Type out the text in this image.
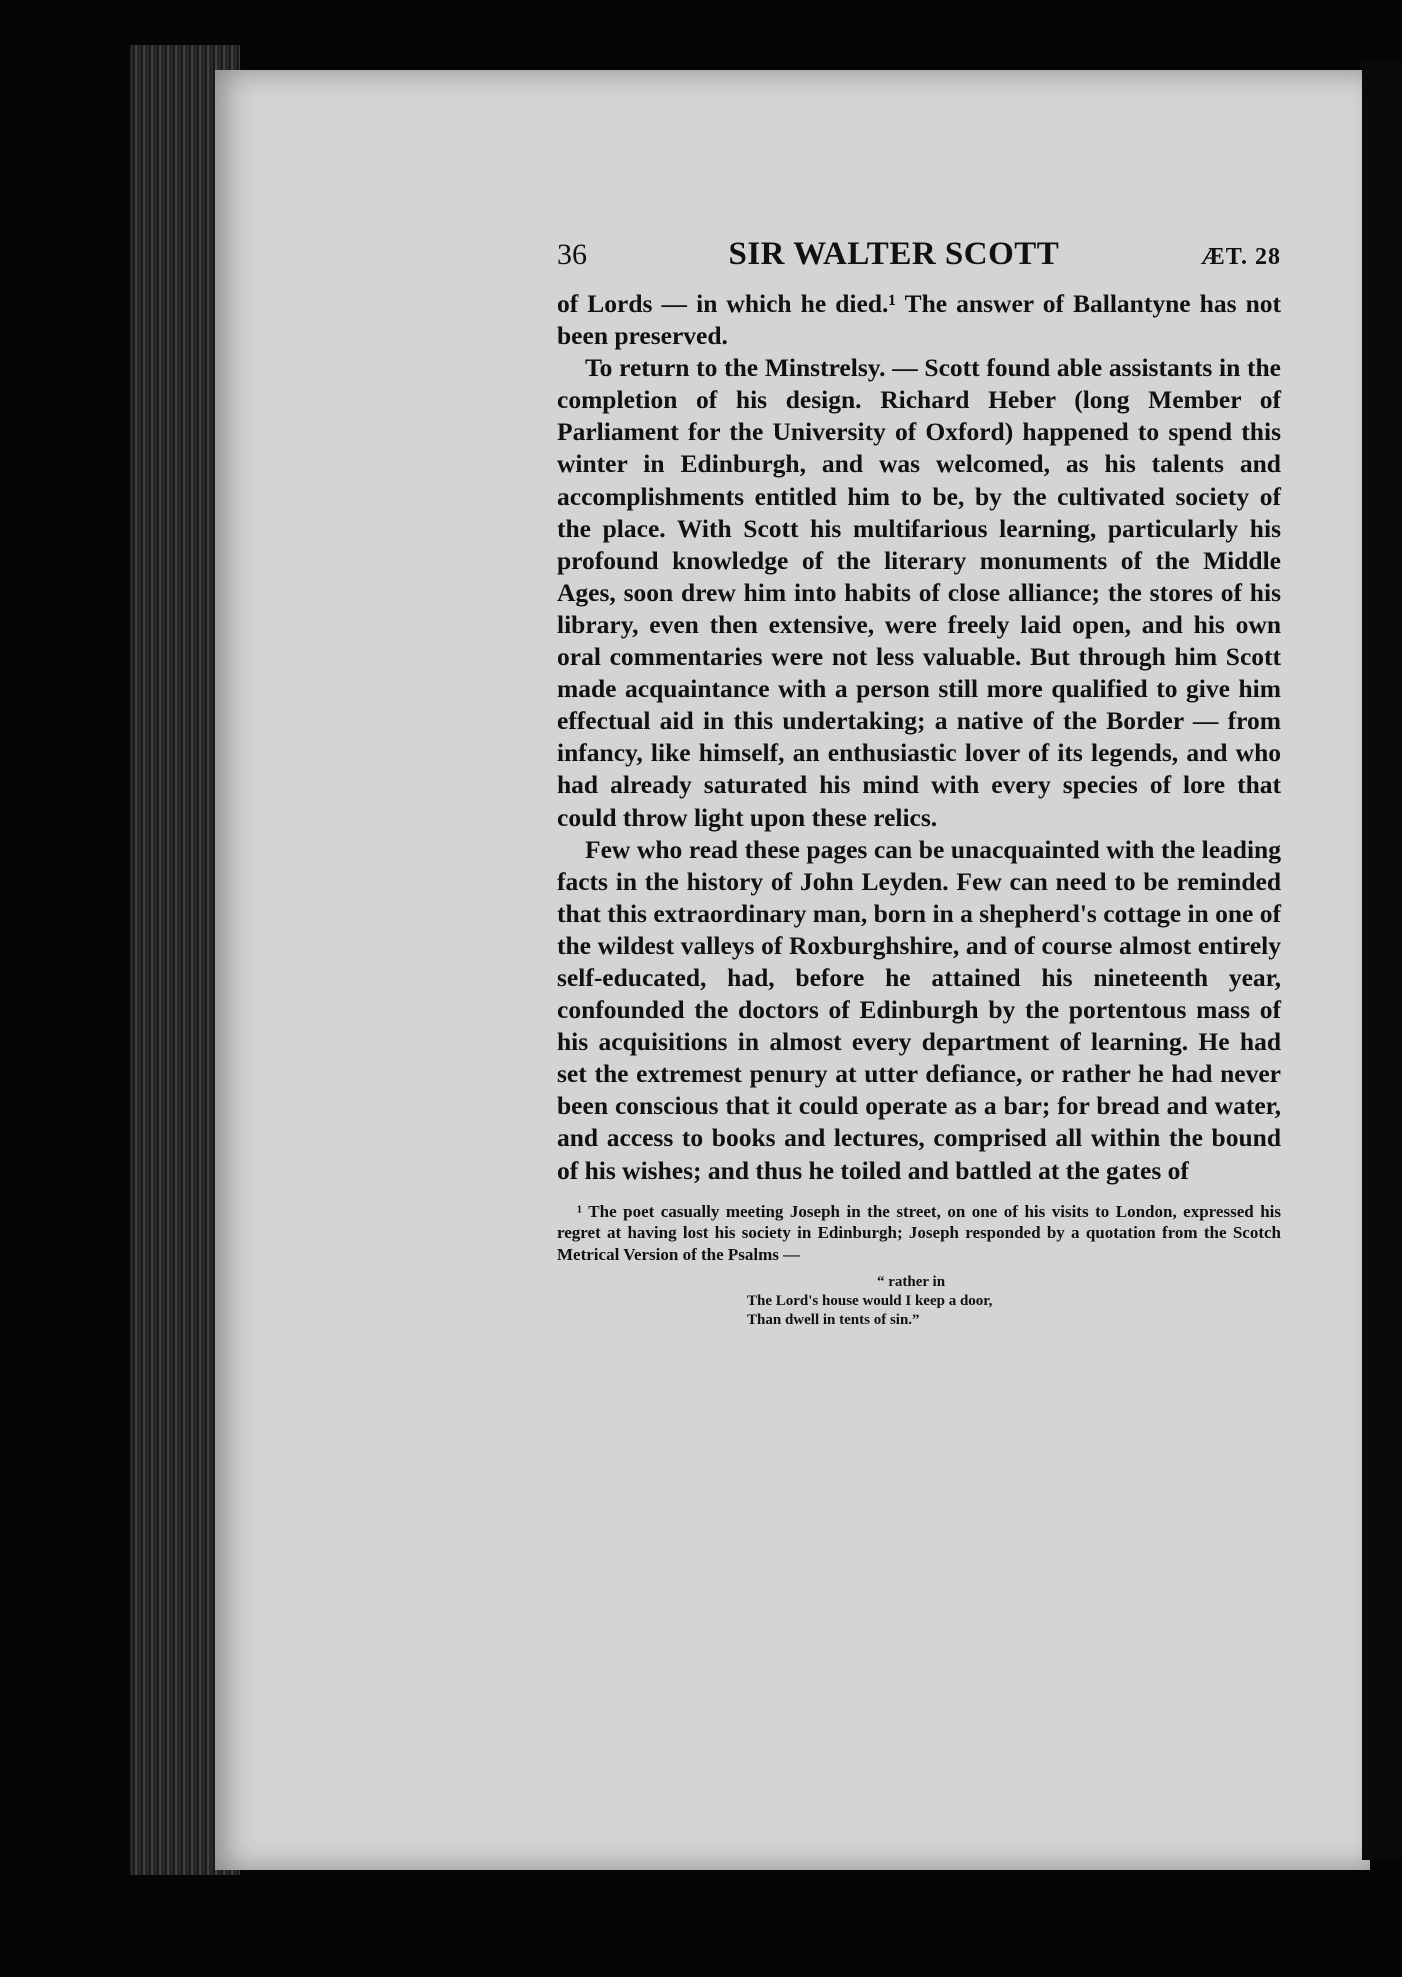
36	SIR WALTER SCOTT	ÆT. 28

of Lords — in which he died.¹ The answer of Ballantyne has not been preserved.

To return to the Minstrelsy. — Scott found able assistants in the completion of his design. Richard Heber (long Member of Parliament for the University of Oxford) happened to spend this winter in Edinburgh, and was welcomed, as his talents and accomplishments entitled him to be, by the cultivated society of the place. With Scott his multifarious learning, particularly his profound knowledge of the literary monuments of the Middle Ages, soon drew him into habits of close alliance; the stores of his library, even then extensive, were freely laid open, and his own oral commentaries were not less valuable. But through him Scott made acquaintance with a person still more qualified to give him effectual aid in this undertaking; a native of the Border — from infancy, like himself, an enthusiastic lover of its legends, and who had already saturated his mind with every species of lore that could throw light upon these relics.

Few who read these pages can be unacquainted with the leading facts in the history of John Leyden. Few can need to be reminded that this extraordinary man, born in a shepherd's cottage in one of the wildest valleys of Roxburghshire, and of course almost entirely self-educated, had, before he attained his nineteenth year, confounded the doctors of Edinburgh by the portentous mass of his acquisitions in almost every department of learning. He had set the extremest penury at utter defiance, or rather he had never been conscious that it could operate as a bar; for bread and water, and access to books and lectures, comprised all within the bound of his wishes; and thus he toiled and battled at the gates of

¹ The poet casually meeting Joseph in the street, on one of his visits to London, expressed his regret at having lost his society in Edinburgh; Joseph responded by a quotation from the Scotch Metrical Version of the Psalms —
“ rather in
The Lord's house would I keep a door,
Than dwell in tents of sin.”
